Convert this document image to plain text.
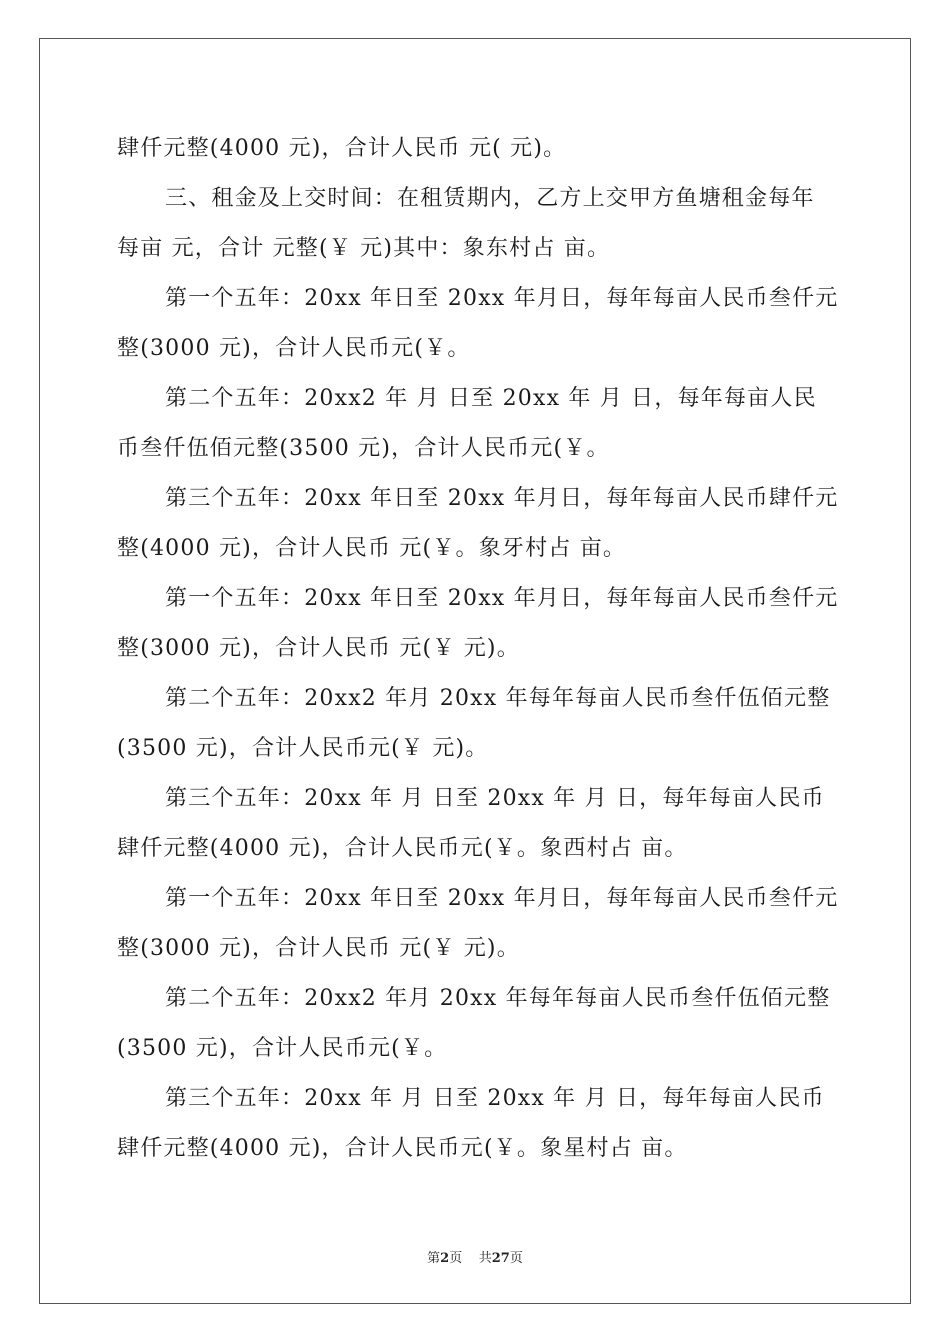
肆仟元整(4000 元)，合计人民币 元( 元)。
三、租金及上交时间：在租赁期内，乙方上交甲方鱼塘租金每年
每亩 元，合计 元整(￥ 元)其中：象东村占 亩。
第一个五年：20xx 年日至 20xx 年月日，每年每亩人民币叁仟元
整(3000 元)，合计人民币元(￥。
第二个五年：20xx2 年 月 日至 20xx 年 月 日，每年每亩人民
币叁仟伍佰元整(3500 元)，合计人民币元(￥。
第三个五年：20xx 年日至 20xx 年月日，每年每亩人民币肆仟元
整(4000 元)，合计人民币 元(￥。象牙村占 亩。
第一个五年：20xx 年日至 20xx 年月日，每年每亩人民币叁仟元
整(3000 元)，合计人民币 元(￥ 元)。
第二个五年：20xx2 年月 20xx 年每年每亩人民币叁仟伍佰元整
(3500 元)，合计人民币元(￥ 元)。
第三个五年：20xx 年 月 日至 20xx 年 月 日，每年每亩人民币
肆仟元整(4000 元)，合计人民币元(￥。象西村占 亩。
第一个五年：20xx 年日至 20xx 年月日，每年每亩人民币叁仟元
整(3000 元)，合计人民币 元(￥ 元)。
第二个五年：20xx2 年月 20xx 年每年每亩人民币叁仟伍佰元整
(3500 元)，合计人民币元(￥。
第三个五年：20xx 年 月 日至 20xx 年 月 日，每年每亩人民币
肆仟元整(4000 元)，合计人民币元(￥。象星村占 亩。
第2页    共27页
